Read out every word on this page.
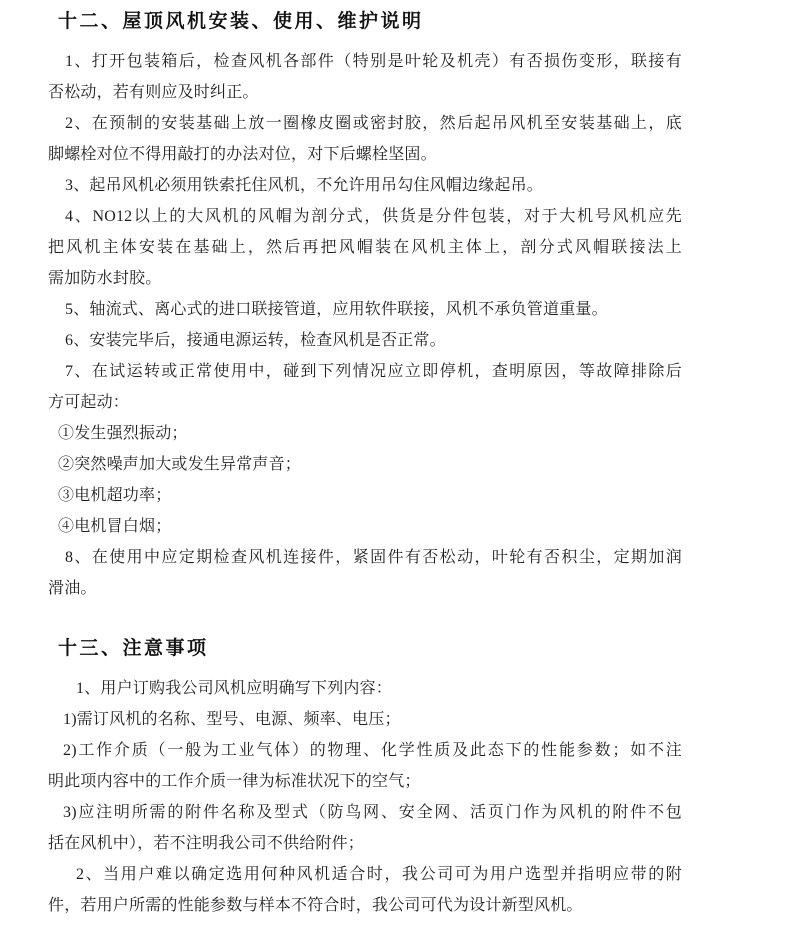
十二、屋顶风机安装、使用、维护说明
1、打开包装箱后，检查风机各部件（特别是叶轮及机壳）有否损伤变形，联接有
否松动，若有则应及时纠正。
2、在预制的安装基础上放一圈橡皮圈或密封胶，然后起吊风机至安装基础上，底
脚螺栓对位不得用敲打的办法对位，对下后螺栓坚固。
3、起吊风机必须用铁索托住风机，不允许用吊勾住风帽边缘起吊。
4、NO12以上的大风机的风帽为剖分式，供货是分件包装，对于大机号风机应先
把风机主体安装在基础上，然后再把风帽装在风机主体上，剖分式风帽联接法上
需加防水封胶。
5、轴流式、离心式的进口联接管道，应用软件联接，风机不承负管道重量。
6、安装完毕后，接通电源运转，检查风机是否正常。
7、在试运转或正常使用中，碰到下列情况应立即停机，查明原因，等故障排除后
方可起动：
①发生强烈振动；
②突然噪声加大或发生异常声音；
③电机超功率；
④电机冒白烟；
8、在使用中应定期检查风机连接件，紧固件有否松动，叶轮有否积尘，定期加润
滑油。
十三、注意事项
1、用户订购我公司风机应明确写下列内容：
1)需订风机的名称、型号、电源、频率、电压；
2)工作介质（一般为工业气体）的物理、化学性质及此态下的性能参数；如不注
明此项内容中的工作介质一律为标准状况下的空气；
3)应注明所需的附件名称及型式（防鸟网、安全网、活页门作为风机的附件不包
括在风机中），若不注明我公司不供给附件；
2、当用户难以确定选用何种风机适合时，我公司可为用户选型并指明应带的附
件，若用户所需的性能参数与样本不符合时，我公司可代为设计新型风机。
